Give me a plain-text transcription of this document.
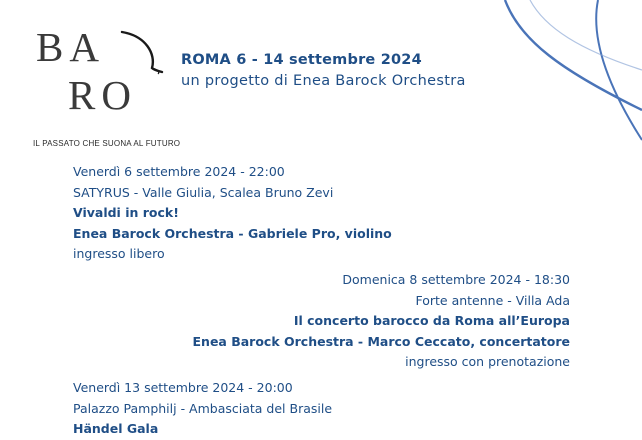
BA
RO
IL PASSATO CHE SUONA AL FUTURO
ROMA 6 - 14 settembre 2024
un progetto di Enea Barock Orchestra
Venerdì 6 settembre 2024 - 22:00
SATYRUS - Valle Giulia, Scalea Bruno Zevi
Vivaldi in rock!
Enea Barock Orchestra - Gabriele Pro, violino
ingresso libero
Domenica 8 settembre 2024 - 18:30
Forte antenne - Villa Ada
Il concerto barocco da Roma all’Europa
Enea Barock Orchestra - Marco Ceccato, concertatore
ingresso con prenotazione
Venerdì 13 settembre 2024 - 20:00
Palazzo Pamphilj - Ambasciata del Brasile
Händel Gala
